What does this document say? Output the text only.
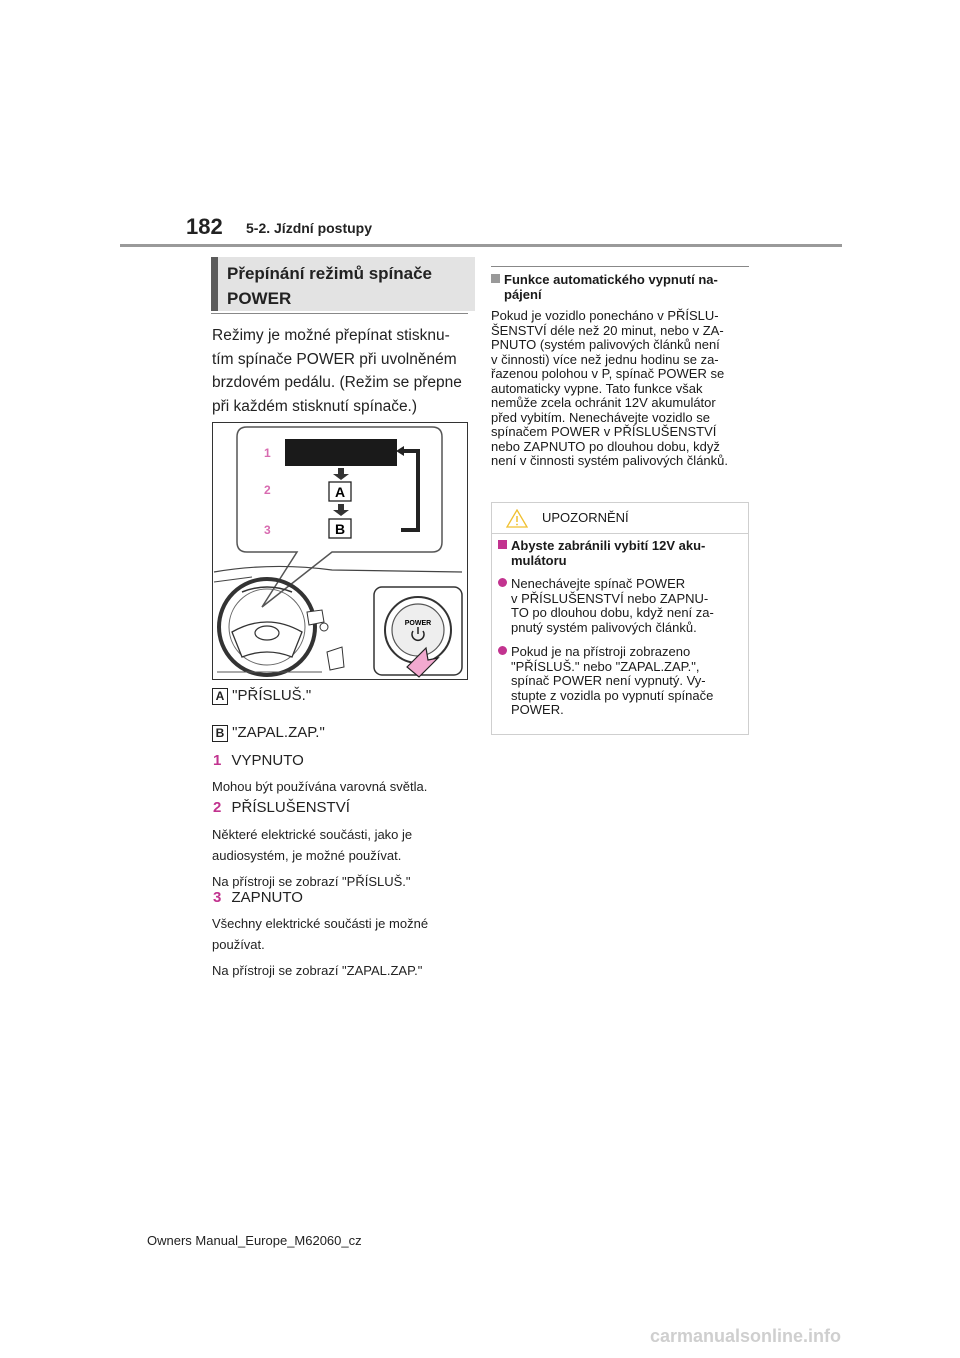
182 5-2. Jízdní postupy
Přepínání režimů spínače
POWER
Režimy je možné přepínat stisknu-
tím spínače POWER při uvolněném
brzdovém pedálu. (Režim se přepne
při každém stisknutí spínače.)
A
B
1
2
3
POWER
A "PŘÍSLUŠ."
B "ZAPAL.ZAP."
1 VYPNUTO
Mohou být používána varovná světla.
2 PŘÍSLUŠENSTVÍ
Některé elektrické součásti, jako je
audiosystém, je možné používat.
Na přístroji se zobrazí "PŘÍSLUŠ."
3 ZAPNUTO
Všechny elektrické součásti je možné
používat.
Na přístroji se zobrazí "ZAPAL.ZAP."
Funkce automatického vypnutí na-
pájení
Pokud je vozidlo ponecháno v PŘÍSLU-
ŠENSTVÍ déle než 20 minut, nebo v ZA-
PNUTO (systém palivových článků není
v činnosti) více než jednu hodinu se za-
řazenou polohou v P, spínač POWER se
automaticky vypne. Tato funkce však
nemůže zcela ochránit 12V akumulátor
před vybitím. Nenechávejte vozidlo se
spínačem POWER v PŘÍSLUŠENSTVÍ
nebo ZAPNUTO po dlouhou dobu, když
není v činnosti systém palivových článků.
UPOZORNĚNÍ
Abyste zabránili vybití 12V aku-
mulátoru
Nenechávejte spínač POWER
v PŘÍSLUŠENSTVÍ nebo ZAPNU-
TO po dlouhou dobu, když není za-
pnutý systém palivových článků.
Pokud je na přístroji zobrazeno
"PŘÍSLUŠ." nebo "ZAPAL.ZAP.",
spínač POWER není vypnutý. Vy-
stupte z vozidla po vypnutí spínače
POWER.
Owners Manual_Europe_M62060_cz
carmanualsonline.info
